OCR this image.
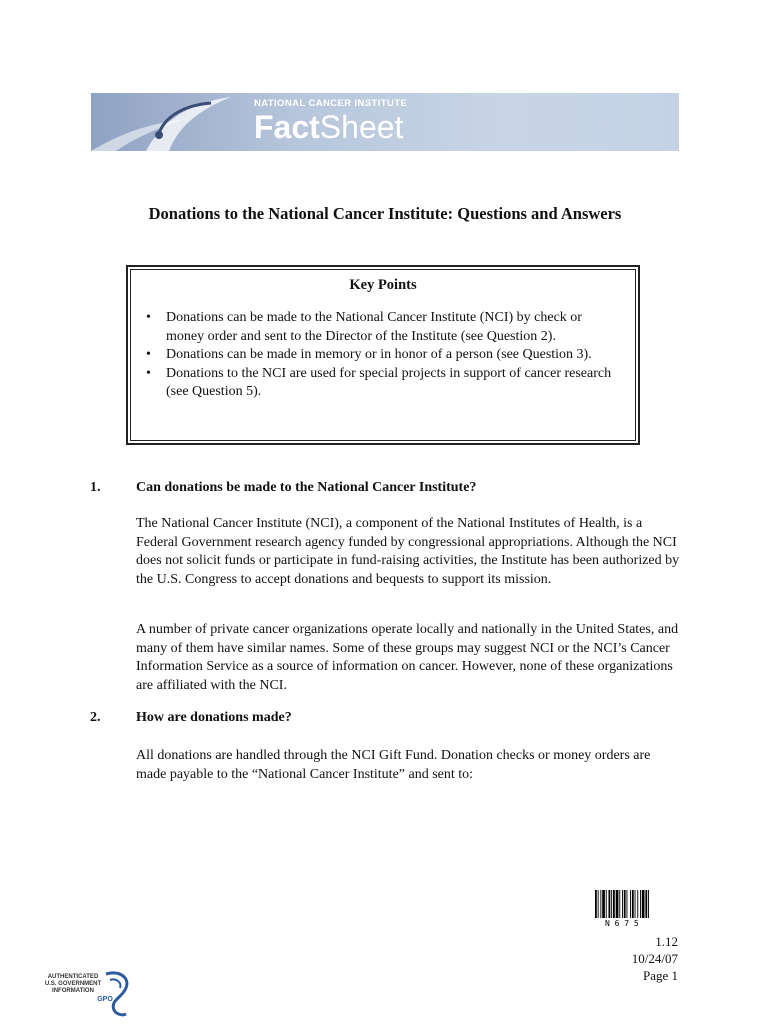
NATIONAL CANCER INSTITUTE
FactSheet
Donations to the National Cancer Institute: Questions and Answers
Key Points
• Donations can be made to the National Cancer Institute (NCI) by check or money order and sent to the Director of the Institute (see Question 2).
• Donations can be made in memory or in honor of a person (see Question 3).
• Donations to the NCI are used for special projects in support of cancer research (see Question 5).
1.	Can donations be made to the National Cancer Institute?
The National Cancer Institute (NCI), a component of the National Institutes of Health, is a Federal Government research agency funded by congressional appropriations. Although the NCI does not solicit funds or participate in fund-raising activities, the Institute has been authorized by the U.S. Congress to accept donations and bequests to support its mission.
A number of private cancer organizations operate locally and nationally in the United States, and many of them have similar names. Some of these groups may suggest NCI or the NCI’s Cancer Information Service as a source of information on cancer. However, none of these organizations are affiliated with the NCI.
2.	How are donations made?
All donations are handled through the NCI Gift Fund. Donation checks or money orders are made payable to the “National Cancer Institute” and sent to:
N 6 7 5
1.12
10/24/07
Page 1
AUTHENTICATED
U.S. GOVERNMENT
INFORMATION
GPO
